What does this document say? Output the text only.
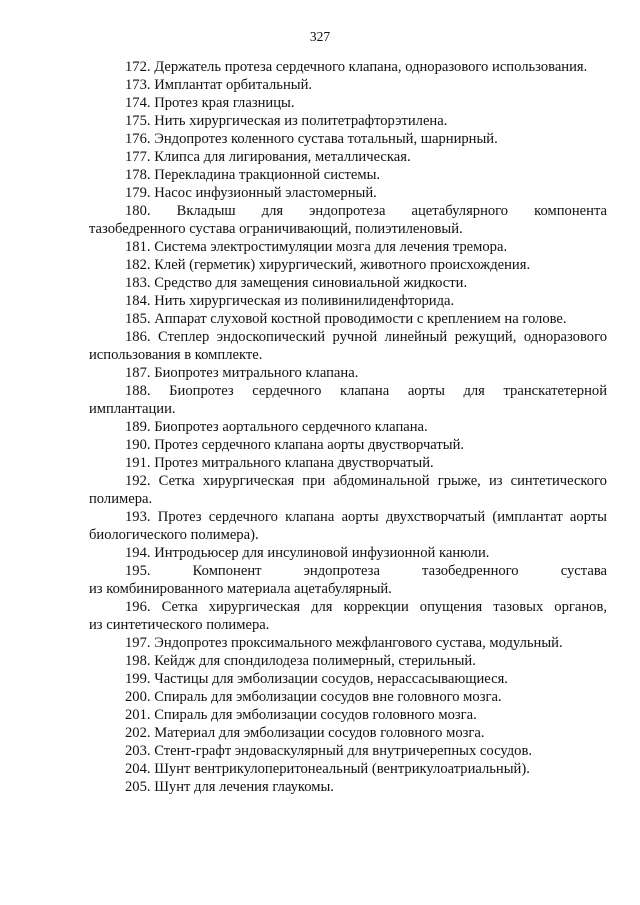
327
172. Держатель протеза сердечного клапана, одноразового использования.
173. Имплантат орбитальный.
174. Протез края глазницы.
175. Нить хирургическая из политетрафторэтилена.
176. Эндопротез коленного сустава тотальный, шарнирный.
177. Клипса для лигирования, металлическая.
178. Перекладина тракционной системы.
179. Насос инфузионный эластомерный.
180. Вкладыш для эндопротеза ацетабулярного компонента
тазобедренного сустава ограничивающий, полиэтиленовый.
181. Система электростимуляции мозга для лечения тремора.
182. Клей (герметик) хирургический, животного происхождения.
183. Средство для замещения синовиальной жидкости.
184. Нить хирургическая из поливинилиденфторида.
185. Аппарат слуховой костной проводимости с креплением на голове.
186. Степлер эндоскопический ручной линейный режущий, одноразового
использования в комплекте.
187. Биопротез митрального клапана.
188. Биопротез сердечного клапана аорты для транскатетерной
имплантации.
189. Биопротез аортального сердечного клапана.
190. Протез сердечного клапана аорты двустворчатый.
191. Протез митрального клапана двустворчатый.
192. Сетка хирургическая при абдоминальной грыже, из синтетического
полимера.
193. Протез сердечного клапана аорты двухстворчатый (имплантат аорты
биологического полимера).
194. Интродьюсер для инсулиновой инфузионной канюли.
195.	Компонент эндопротеза тазобедренного сустава
из комбинированного материала ацетабулярный.
196. Сетка хирургическая для коррекции опущения тазовых органов,
из синтетического полимера.
197. Эндопротез проксимального межфлангового сустава, модульный.
198. Кейдж для спондилодеза полимерный, стерильный.
199. Частицы для эмболизации сосудов, нерассасывающиеся.
200. Спираль для эмболизации сосудов вне головного мозга.
201. Спираль для эмболизации сосудов головного мозга.
202. Материал для эмболизации сосудов головного мозга.
203. Стент-графт эндоваскулярный для внутричерепных сосудов.
204. Шунт вентрикулоперитонеальный (вентрикулоатриальный).
205. Шунт для лечения глаукомы.
